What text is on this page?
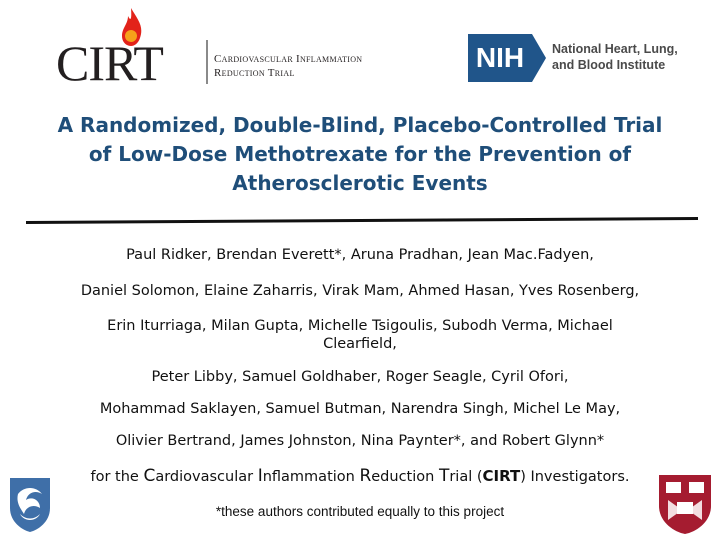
CIRT	Cardiovascular Inflammation
Reduction Trial	NIH	National Heart, Lung,
and Blood Institute
A Randomized, Double-Blind, Placebo-Controlled Trial
of Low-Dose Methotrexate for the Prevention of
Atherosclerotic Events

Paul Ridker, Brendan Everett*, Aruna Pradhan, Jean Mac.Fadyen,

Daniel Solomon, Elaine Zaharris, Virak Mam, Ahmed Hasan, Yves Rosenberg,

Erin Iturriaga, Milan Gupta, Michelle Tsigoulis, Subodh Verma, Michael
Clearfield,

Peter Libby, Samuel Goldhaber, Roger Seagle, Cyril Ofori,

Mohammad Saklayen, Samuel Butman, Narendra Singh, Michel Le May,

Olivier Bertrand, James Johnston, Nina Paynter*, and Robert Glynn*

for the Cardiovascular Inflammation Reduction Trial (CIRT) Investigators.
*these authors contributed equally to this project
